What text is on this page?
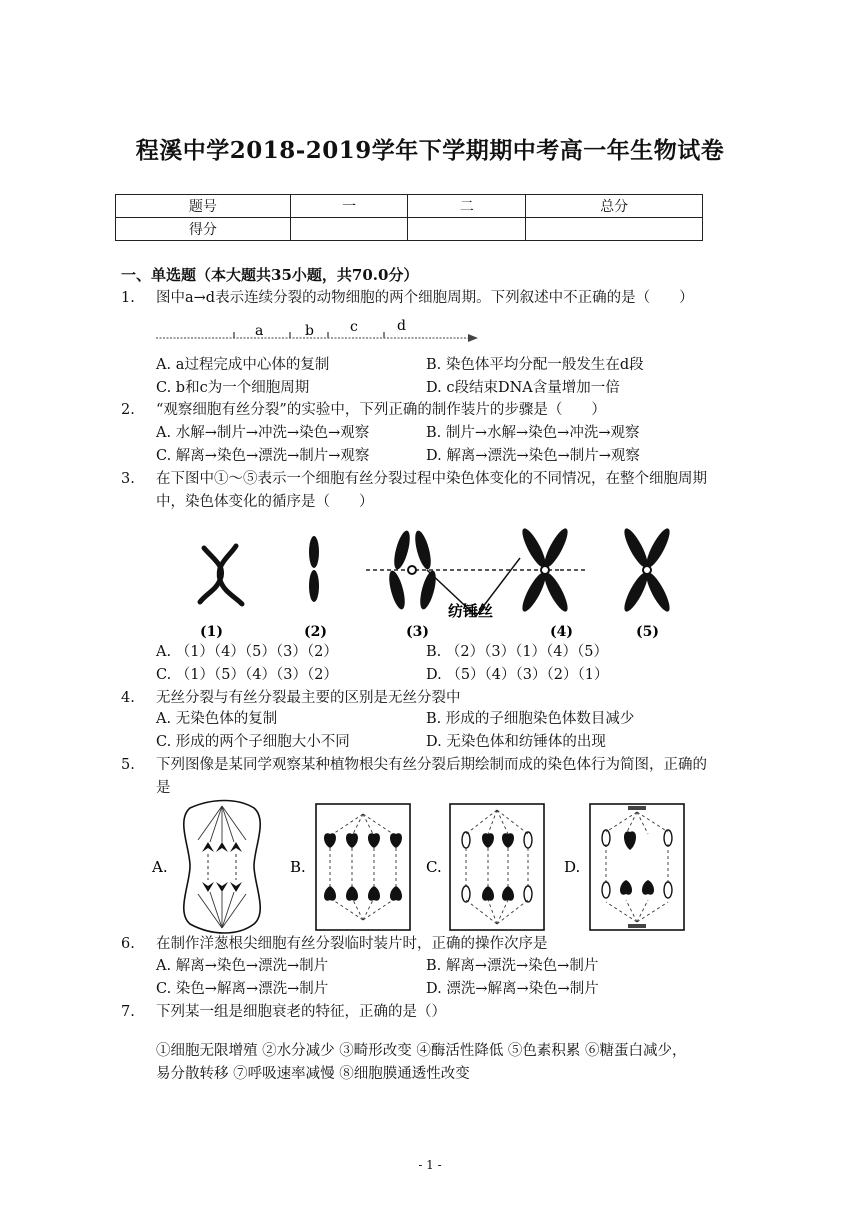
程溪中学2018-2019学年下学期期中考高一年生物试卷
题号	一	二	总分
得分			
一、单选题（本大题共35小题，共70.0分）
1. 图中a→d表示连续分裂的动物细胞的两个细胞周期。下列叙述中不正确的是（　　）
a	b	c	d
A. a过程完成中心体的复制	B. 染色体平均分配一般发生在d段
C. b和c为一个细胞周期	D. c段结束DNA含量增加一倍
2. “观察细胞有丝分裂”的实验中，下列正确的制作装片的步骤是（　　）
A. 水解→制片→冲洗→染色→观察	B. 制片→水解→染色→冲洗→观察
C. 解离→染色→漂洗→制片→观察	D. 解离→漂洗→染色→制片→观察
3. 在下图中①～⑤表示一个细胞有丝分裂过程中染色体变化的不同情况，在整个细胞周期
中，染色体变化的循序是（　　）
纺锤丝
(1)	(2)	(3)	(4)	(5)
A. （1）（4）（5）（3）（2）	B. （2）（3）（1）（4）（5）
C. （1）（5）（4）（3）（2）	D. （5）（4）（3）（2）（1）
4. 无丝分裂与有丝分裂最主要的区别是无丝分裂中
A. 无染色体的复制	B. 形成的子细胞染色体数目减少
C. 形成的两个子细胞大小不同	D. 无染色体和纺锤体的出现
5. 下列图像是某同学观察某种植物根尖有丝分裂后期绘制而成的染色体行为简图，正确的
是
A.	B.	C.	D.
6. 在制作洋葱根尖细胞有丝分裂临时装片时，正确的操作次序是
A. 解离→染色→漂洗→制片	B. 解离→漂洗→染色→制片
C. 染色→解离→漂洗→制片	D. 漂洗→解离→染色→制片
7. 下列某一组是细胞衰老的特征，正确的是（）
①细胞无限增殖 ②水分减少 ③畸形改变 ④酶活性降低 ⑤色素积累 ⑥糖蛋白减少，
易分散转移 ⑦呼吸速率减慢 ⑧细胞膜通透性改变
- 1 -
